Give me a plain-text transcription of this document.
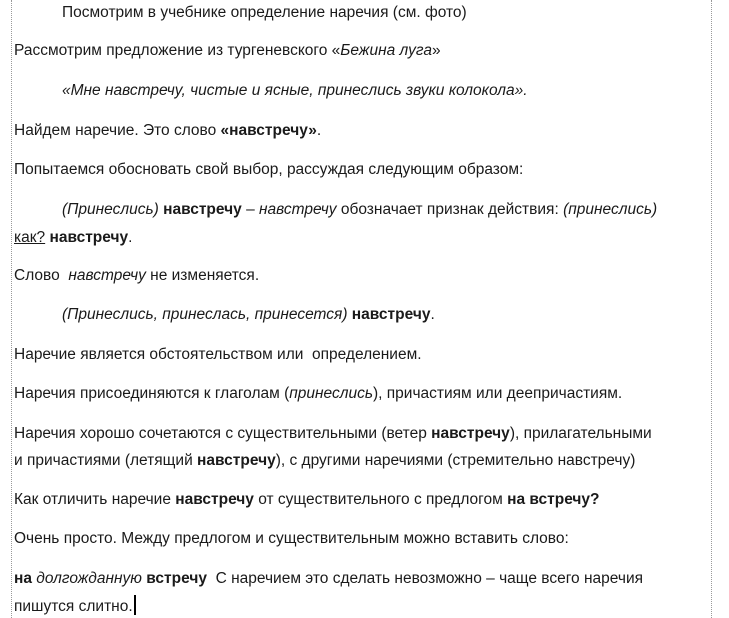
Посмотрим в учебнике определение наречия (см. фото)
Рассмотрим предложение из тургеневского «Бежина луга»
«Мне навстречу, чистые и ясные, принеслись звуки колокола».
Найдем наречие. Это слово «навстречу».
Попытаемся обосновать свой выбор, рассуждая следующим образом:
(Принеслись) навстречу – навстречу обозначает признак действия: (принеслись)
как? навстречу.
Слово  навстречу не изменяется.
(Принеслись, принеслась, принесется) навстречу.
Наречие является обстоятельством или  определением.
Наречия присоединяются к глаголам (принеслись), причастиям или деепричастиям.
Наречия хорошо сочетаются с существительными (ветер навстречу), прилагательными
и причастиями (летящий навстречу), с другими наречиями (стремительно навстречу)
Как отличить наречие навстречу от существительного с предлогом на встречу?
Очень просто. Между предлогом и существительным можно вставить слово:
на долгожданную встречу  С наречием это сделать невозможно – чаще всего наречия
пишутся слитно.
